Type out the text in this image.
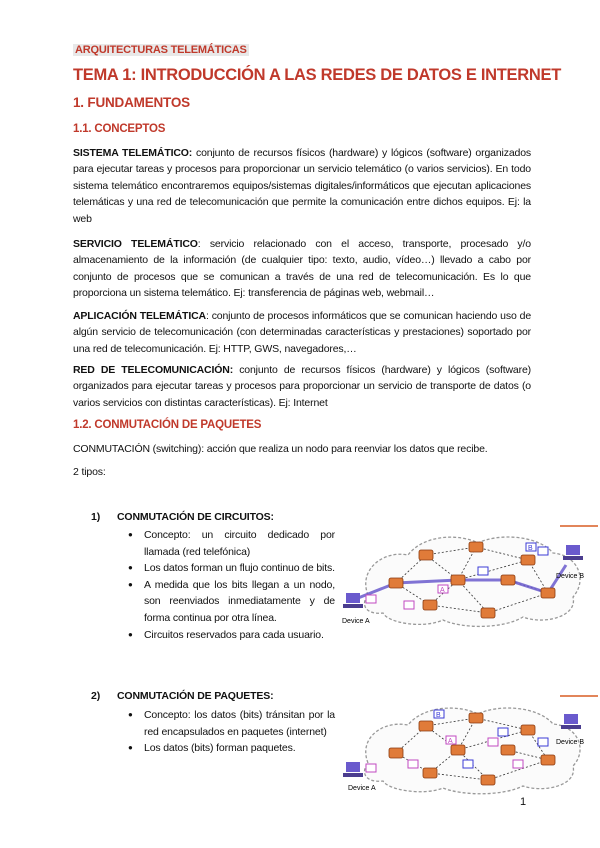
ARQUITECTURAS TELEMÁTICAS
TEMA 1: INTRODUCCIÓN A LAS REDES DE DATOS E INTERNET
1. FUNDAMENTOS
1.1. CONCEPTOS

SISTEMA TELEMÁTICO: conjunto de recursos físicos (hardware) y lógicos (software) organizados para ejecutar tareas y procesos para proporcionar un servicio telemático (o varios servicios). En todo sistema telemático encontraremos equipos/sistemas digitales/informáticos que ejecutan aplicaciones telemáticas y una red de telecomunicación que permite la comunicación entre dichos equipos. Ej: la web

SERVICIO TELEMÁTICO: servicio relacionado con el acceso, transporte, procesado y/o almacenamiento de la información (de cualquier tipo: texto, audio, vídeo…) llevado a cabo por conjunto de procesos que se comunican a través de una red de telecomunicación. Es lo que proporciona un sistema telemático. Ej: transferencia de páginas web, webmail…

APLICACIÓN TELEMÁTICA: conjunto de procesos informáticos que se comunican haciendo uso de algún servicio de telecomunicación (con determinadas características y prestaciones) soportado por una red de telecomunicación. Ej: HTTP, GWS, navegadores,…

RED DE TELECOMUNICACIÓN: conjunto de recursos físicos (hardware) y lógicos (software) organizados para ejecutar tareas y procesos para proporcionar un servicio de transporte de datos (o varios servicios con distintas características). Ej: Internet

1.2. CONMUTACIÓN DE PAQUETES
CONMUTACIÓN (switching): acción que realiza un nodo para reenviar los datos que recibe.
2 tipos:
1) CONMUTACIÓN DE CIRCUITOS:
● Concepto: un circuito dedicado por llamada (red telefónica)
● Los datos forman un flujo continuo de bits.
● A medida que los bits llegan a un nodo, son reenviados inmediatamente y de forma continua por otra línea.
● Circuitos reservados para cada usuario.
2) CONMUTACIÓN DE PAQUETES:
● Concepto: los datos (bits) tránsitan por la red encapsulados en paquetes (internet)
● Los datos (bits) forman paquetes.
B
A
Device A
Device B
B
A
Device A
Device B
1
